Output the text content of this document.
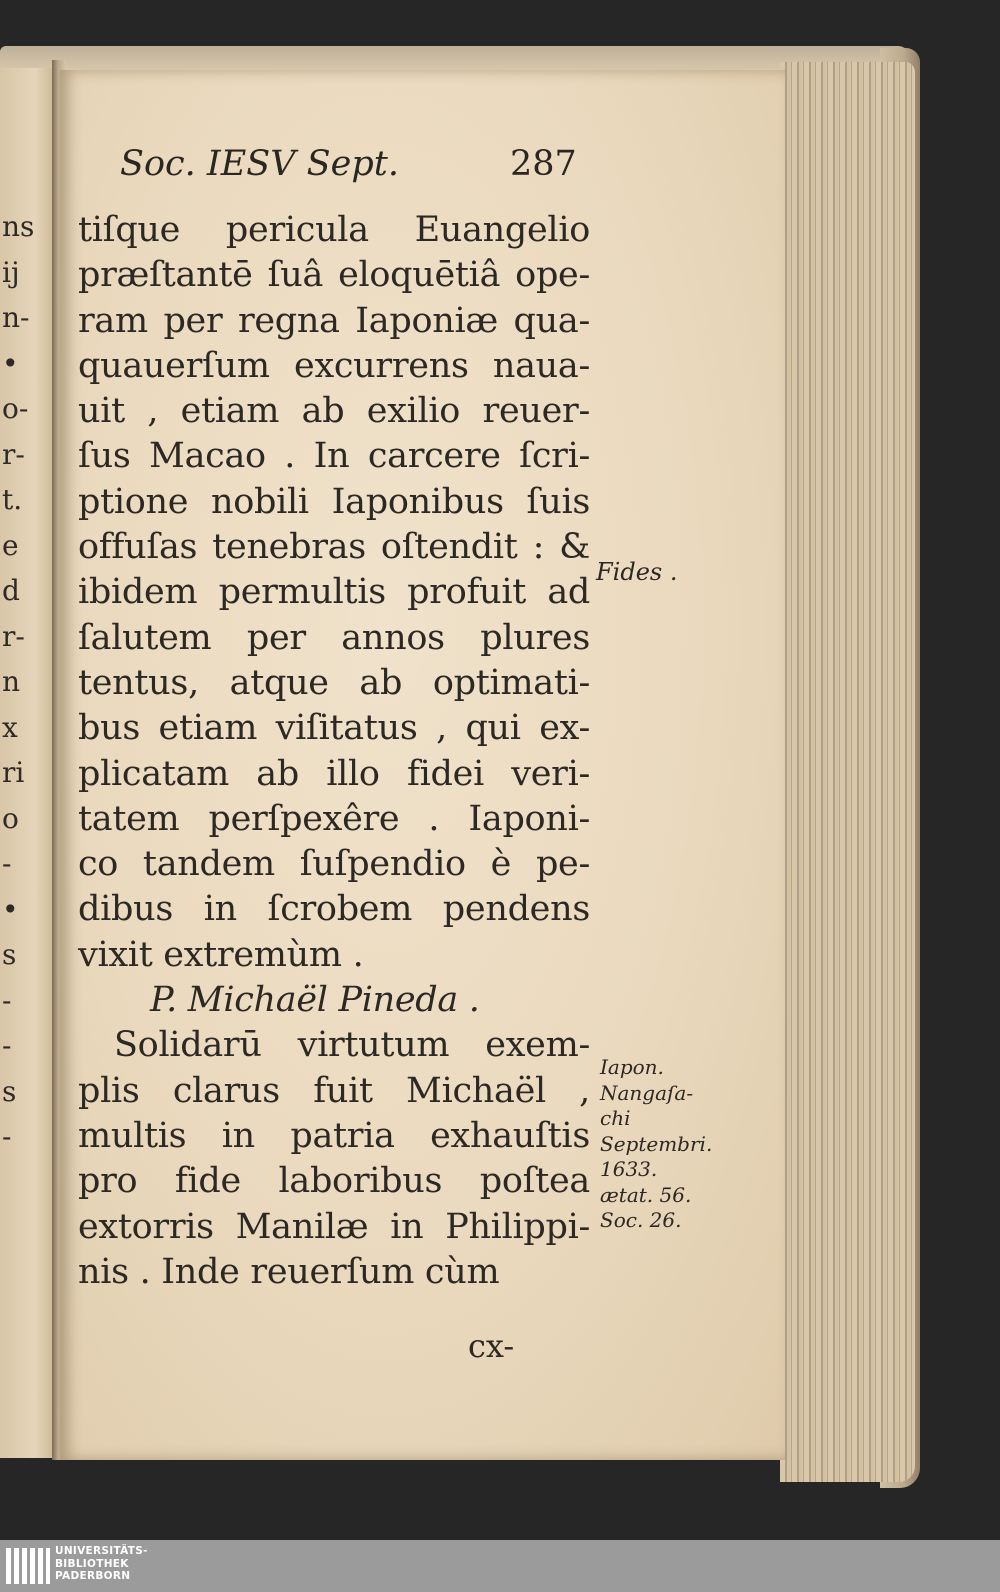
ns
ij
n-
•
o-
r-
t.
e
d
r-
n
x
ri
o
-
•
s
-
-
s
-
Soc. IESV Sept.	287
tiſque pericula Euangelio
præſtantē ſuâ eloquētiâ ope-
ram per regna Iaponiæ qua-
quauerſum excurrens naua-
uit , etiam ab exilio reuer-
ſus Macao . In carcere ſcri-
ptione nobili Iaponibus ſuis
offuſas tenebras oſtendit : &
ibidem permultis profuit ad
ſalutem per annos plures
tentus, atque ab optimati-
bus etiam viſitatus , qui ex-
plicatam ab illo fidei veri-
tatem perſpexêre . Iaponi-
co tandem ſuſpendio è pe-
dibus in ſcrobem pendens
vixit extremùm .
P. Michaël Pineda .
Solidarū virtutum exem-
plis clarus fuit Michaël ,
multis in patria exhauſtis
pro fide laboribus poſtea
extorris Manilæ in Philippi-
nis . Inde reuerſum cùm
cx-
Fides .
Iapon.
Nangaſa-
chi
Septembri.
1633.
ætat. 56.
Soc. 26.
UNIVERSITÄTS-
BIBLIOTHEK
PADERBORN
